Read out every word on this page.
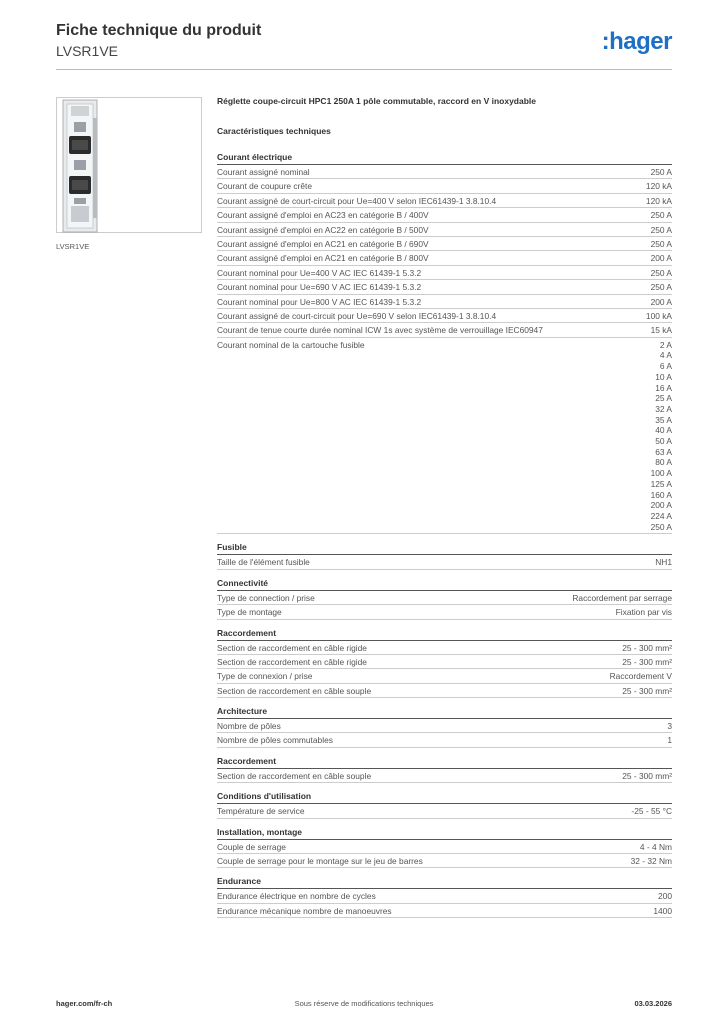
Fiche technique du produit
LVSR1VE	:hager
LVSR1VE
Réglette coupe-circuit HPC1 250A 1 pôle commutable, raccord en V inoxydable
Caractéristiques techniques
Courant électrique
Courant assigné nominal	250 A
Courant de coupure crête	120 kA
Courant assigné de court-circuit pour Ue=400 V selon IEC61439-1 3.8.10.4	120 kA
Courant assigné d'emploi en AC23 en catégorie B / 400V	250 A
Courant assigné d'emploi en AC22 en catégorie B / 500V	250 A
Courant assigné d'emploi en AC21 en catégorie B / 690V	250 A
Courant assigné d'emploi en AC21 en catégorie B / 800V	200 A
Courant nominal pour Ue=400 V AC IEC 61439-1 5.3.2	250 A
Courant nominal pour Ue=690 V AC IEC 61439-1 5.3.2	250 A
Courant nominal pour Ue=800 V AC IEC 61439-1 5.3.2	200 A
Courant assigné de court-circuit pour Ue=690 V selon IEC61439-1 3.8.10.4	100 kA
Courant de tenue courte durée nominal ICW 1s avec système de verrouillage IEC60947	15 kA
Courant nominal de la cartouche fusible	2 A
4 A
6 A
10 A
16 A
25 A
32 A
35 A
40 A
50 A
63 A
80 A
100 A
125 A
160 A
200 A
224 A
250 A
Fusible
Taille de l'élément fusible	NH1
Connectivité
Type de connection / prise	Raccordement par serrage
Type de montage	Fixation par vis
Raccordement
Section de raccordement en câble rigide	25 - 300 mm²
Section de raccordement en câble rigide	25 - 300 mm²
Type de connexion / prise	Raccordement V
Section de raccordement en câble souple	25 - 300 mm²
Architecture
Nombre de pôles	3
Nombre de pôles commutables	1
Raccordement
Section de raccordement en câble souple	25 - 300 mm²
Conditions d'utilisation
Température de service	-25 - 55 °C
Installation, montage
Couple de serrage	4 - 4 Nm
Couple de serrage pour le montage sur le jeu de barres	32 - 32 Nm
Endurance
Endurance électrique en nombre de cycles	200
Endurance mécanique nombre de manoeuvres	1400
hager.com/fr-ch	Sous réserve de modifications techniques	03.03.2026
